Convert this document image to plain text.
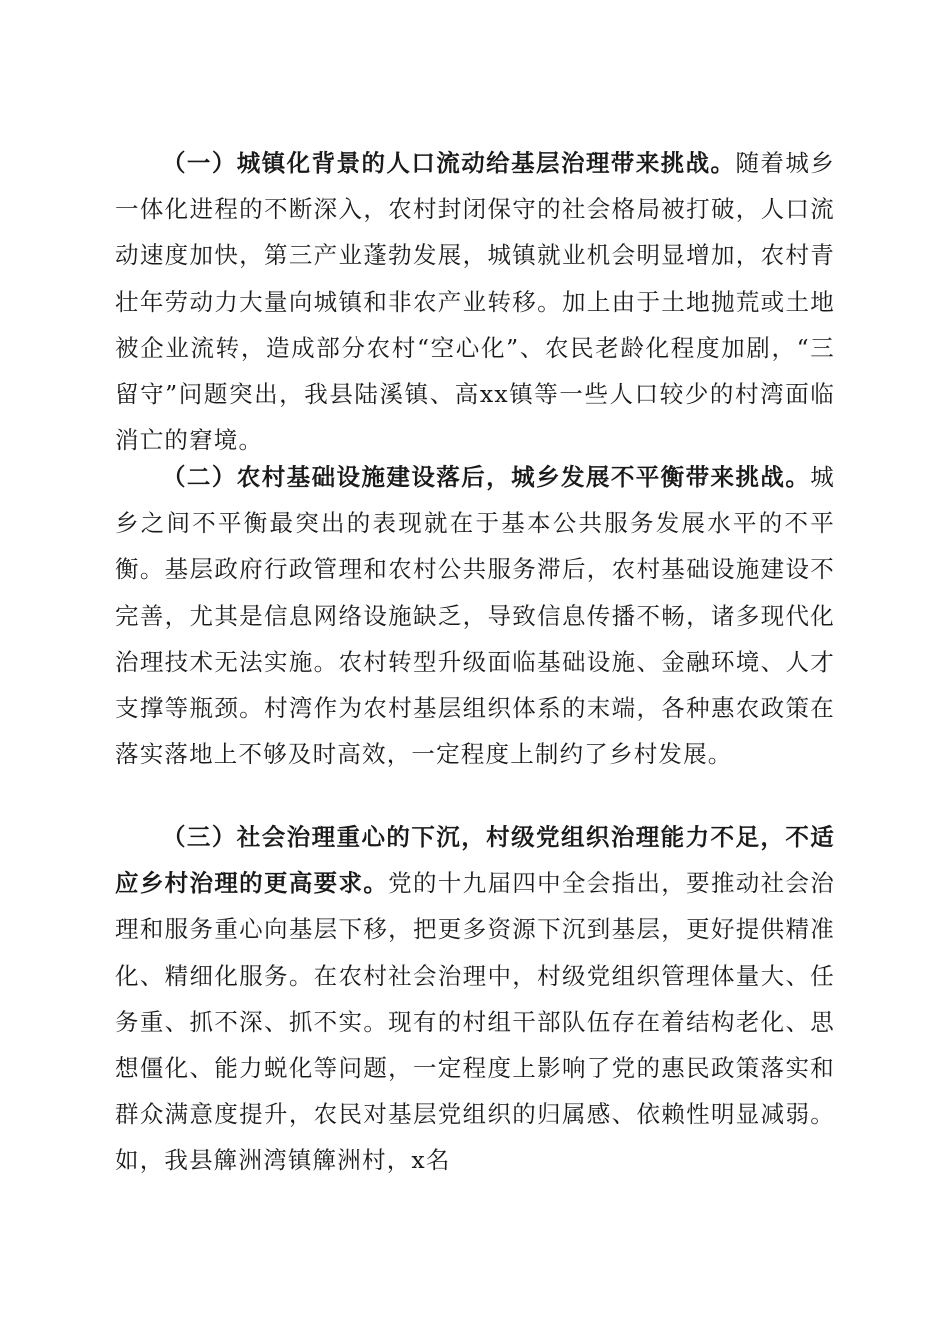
（一）城镇化背景的人口流动给基层治理带来挑战。随着城乡一体化进程的不断深入，农村封闭保守的社会格局被打破，人口流动速度加快，第三产业蓬勃发展，城镇就业机会明显增加，农村青壮年劳动力大量向城镇和非农产业转移。加上由于土地抛荒或土地被企业流转，造成部分农村“空心化”、农民老龄化程度加剧，“三留守”问题突出，我县陆溪镇、高xx镇等一些人口较少的村湾面临消亡的窘境。

（二）农村基础设施建设落后，城乡发展不平衡带来挑战。城乡之间不平衡最突出的表现就在于基本公共服务发展水平的不平衡。基层政府行政管理和农村公共服务滞后，农村基础设施建设不完善，尤其是信息网络设施缺乏，导致信息传播不畅，诸多现代化治理技术无法实施。农村转型升级面临基础设施、金融环境、人才支撑等瓶颈。村湾作为农村基层组织体系的末端，各种惠农政策在落实落地上不够及时高效，一定程度上制约了乡村发展。

（三）社会治理重心的下沉，村级党组织治理能力不足，不适应乡村治理的更高要求。党的十九届四中全会指出，要推动社会治理和服务重心向基层下移，把更多资源下沉到基层，更好提供精准化、精细化服务。在农村社会治理中，村级党组织管理体量大、任务重、抓不深、抓不实。现有的村组干部队伍存在着结构老化、思想僵化、能力蜕化等问题，一定程度上影响了党的惠民政策落实和群众满意度提升，农民对基层党组织的归属感、依赖性明显减弱。如，我县簰洲湾镇簰洲村，x名
